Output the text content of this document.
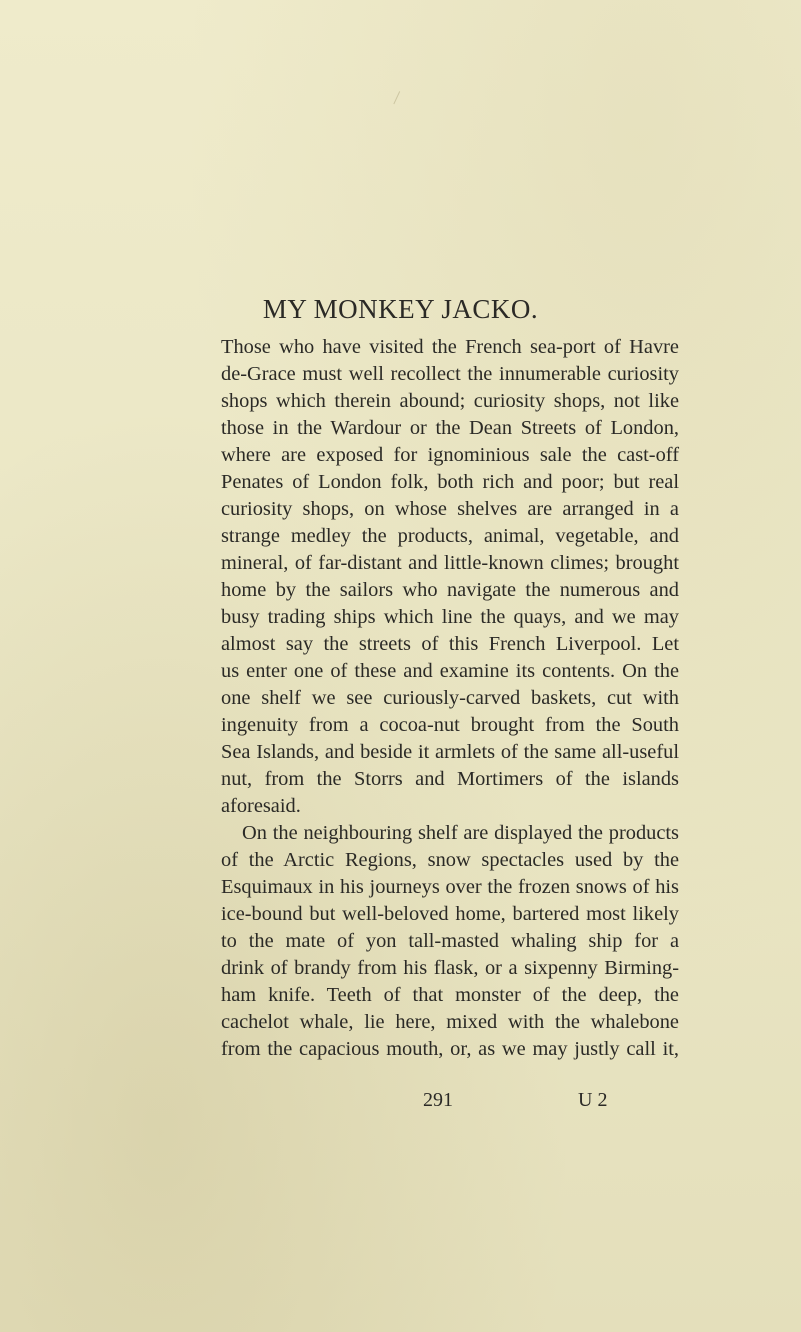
MY MONKEY JACKO.
Those who have visited the French sea-port of Havre
de-Grace must well recollect the innumerable curiosity
shops which therein abound; curiosity shops, not like
those in the Wardour or the Dean Streets of London,
where are exposed for ignominious sale the cast-off
Penates of London folk, both rich and poor; but real
curiosity shops, on whose shelves are arranged in a
strange medley the products, animal, vegetable, and
mineral, of far-distant and little-known climes; brought
home by the sailors who navigate the numerous and
busy trading ships which line the quays, and we may
almost say the streets of this French Liverpool. Let
us enter one of these and examine its contents. On the
one shelf we see curiously-carved baskets, cut with
ingenuity from a cocoa-nut brought from the South
Sea Islands, and beside it armlets of the same all-useful
nut, from the Storrs and Mortimers of the islands
aforesaid.
On the neighbouring shelf are displayed the products
of the Arctic Regions, snow spectacles used by the
Esquimaux in his journeys over the frozen snows of his
ice-bound but well-beloved home, bartered most likely
to the mate of yon tall-masted whaling ship for a
drink of brandy from his flask, or a sixpenny Birming-
ham knife. Teeth of that monster of the deep, the
cachelot whale, lie here, mixed with the whalebone
from the capacious mouth, or, as we may justly call it,
291	U 2
